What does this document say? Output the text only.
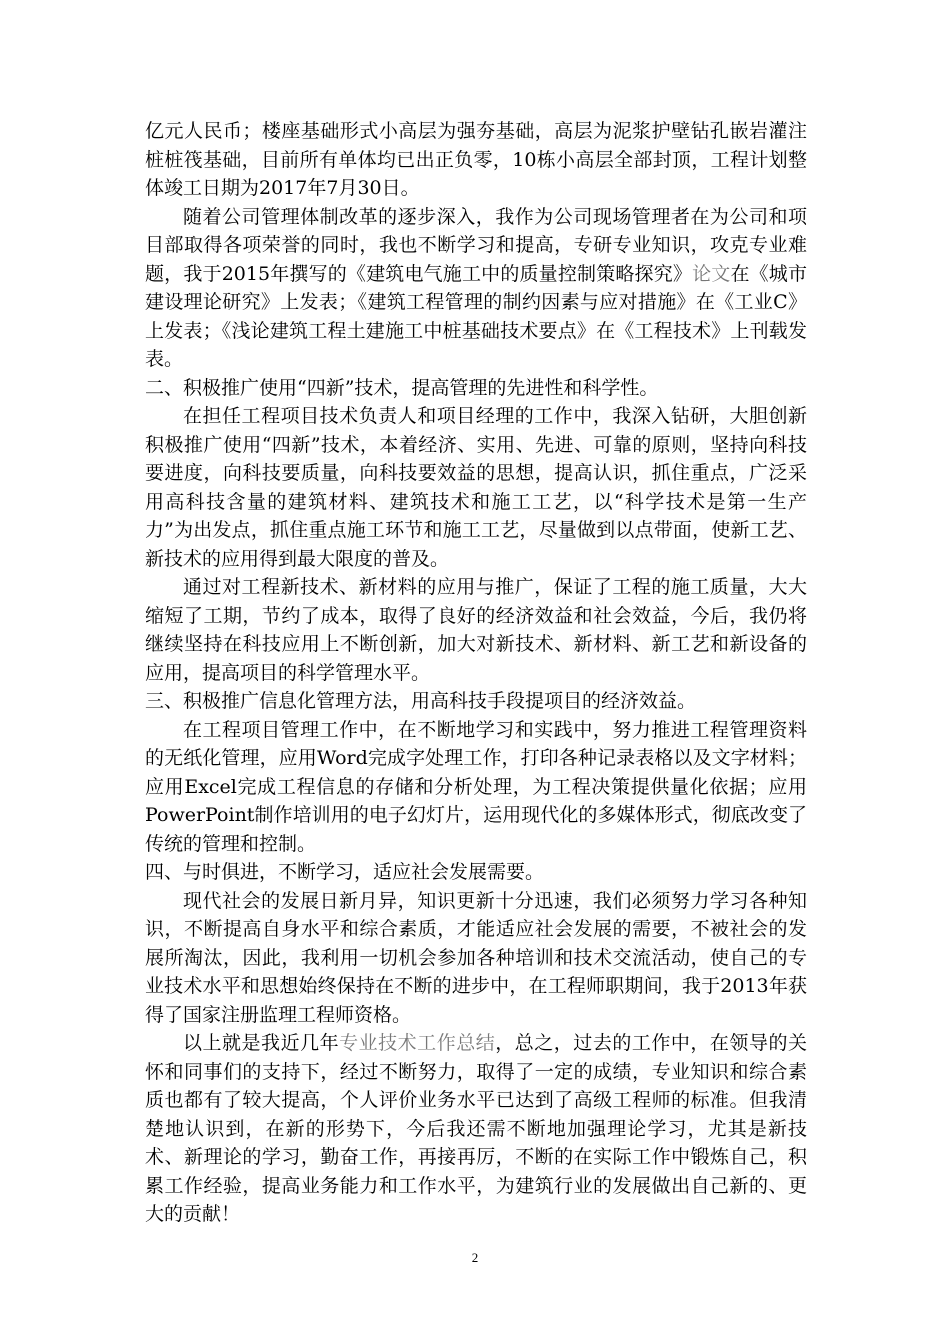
亿元人民币；楼座基础形式小高层为强夯基础，高层为泥浆护壁钻孔嵌岩灌注桩桩筏基础，目前所有单体均已出正负零，10栋小高层全部封顶，工程计划整体竣工日期为2017年7月30日。

随着公司管理体制改革的逐步深入，我作为公司现场管理者在为公司和项目部取得各项荣誉的同时，我也不断学习和提高，专研专业知识，攻克专业难题，我于2015年撰写的《建筑电气施工中的质量控制策略探究》论文在《城市建设理论研究》上发表；《建筑工程管理的制约因素与应对措施》在《工业C》上发表；《浅论建筑工程土建施工中桩基础技术要点》在《工程技术》上刊载发表。

二、积极推广使用“四新”技术，提高管理的先进性和科学性。

在担任工程项目技术负责人和项目经理的工作中，我深入钻研，大胆创新积极推广使用“四新”技术，本着经济、实用、先进、可靠的原则，坚持向科技要进度，向科技要质量，向科技要效益的思想，提高认识，抓住重点，广泛采用高科技含量的建筑材料、建筑技术和施工工艺，以“科学技术是第一生产力”为出发点，抓住重点施工环节和施工工艺，尽量做到以点带面，使新工艺、新技术的应用得到最大限度的普及。

通过对工程新技术、新材料的应用与推广，保证了工程的施工质量，大大缩短了工期，节约了成本，取得了良好的经济效益和社会效益，今后，我仍将继续坚持在科技应用上不断创新，加大对新技术、新材料、新工艺和新设备的应用，提高项目的科学管理水平。

三、积极推广信息化管理方法，用高科技手段提项目的经济效益。

在工程项目管理工作中，在不断地学习和实践中，努力推进工程管理资料的无纸化管理，应用Word完成字处理工作，打印各种记录表格以及文字材料；应用Excel完成工程信息的存储和分析处理，为工程决策提供量化依据；应用PowerPoint制作培训用的电子幻灯片，运用现代化的多媒体形式，彻底改变了传统的管理和控制。

四、与时俱进，不断学习，适应社会发展需要。

现代社会的发展日新月异，知识更新十分迅速，我们必须努力学习各种知识，不断提高自身水平和综合素质，才能适应社会发展的需要，不被社会的发展所淘汰，因此，我利用一切机会参加各种培训和技术交流活动，使自己的专业技术水平和思想始终保持在不断的进步中，在工程师职期间，我于2013年获得了国家注册监理工程师资格。

以上就是我近几年专业技术工作总结，总之，过去的工作中，在领导的关怀和同事们的支持下，经过不断努力，取得了一定的成绩，专业知识和综合素质也都有了较大提高，个人评价业务水平已达到了高级工程师的标准。但我清楚地认识到，在新的形势下，今后我还需不断地加强理论学习，尤其是新技术、新理论的学习，勤奋工作，再接再厉，不断的在实际工作中锻炼自己，积累工作经验，提高业务能力和工作水平，为建筑行业的发展做出自己新的、更大的贡献！

2
